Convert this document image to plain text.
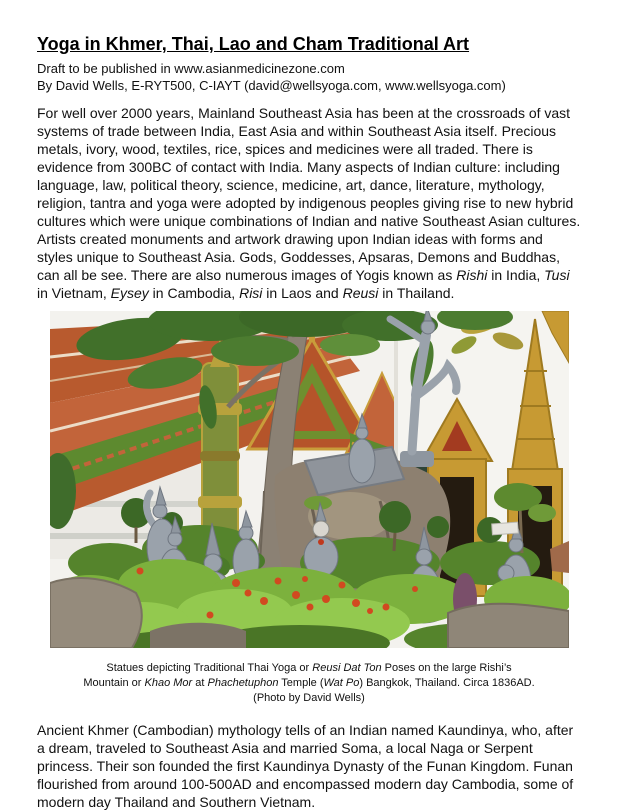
Yoga in Khmer, Thai, Lao and Cham Traditional Art
Draft to be published in www.asianmedicinezone.com
By David Wells, E-RYT500, C-IAYT (david@wellsyoga.com, www.wellsyoga.com)

For well over 2000 years, Mainland Southeast Asia has been at the crossroads of vast systems of trade between India, East Asia and within Southeast Asia itself. Precious metals, ivory, wood, textiles, rice, spices and medicines were all traded. There is evidence from 300BC of contact with India. Many aspects of Indian culture: including language, law, political theory, science, medicine, art, dance, literature, mythology, religion, tantra and yoga were adopted by indigenous peoples giving rise to new hybrid cultures which were unique combinations of Indian and native Southeast Asian cultures. Artists created monuments and artwork drawing upon Indian ideas with forms and styles unique to Southeast Asia. Gods, Goddesses, Apsaras, Demons and Buddhas, can all be see. There are also numerous images of Yogis known as Rishi in India, Tusi in Vietnam, Eysey in Cambodia, Risi in Laos and Reusi in Thailand.

Statues depicting Traditional Thai Yoga or Reusi Dat Ton Poses on the large Rishi’s Mountain or Khao Mor at Phachetuphon Temple (Wat Po) Bangkok, Thailand. Circa 1836AD. (Photo by David Wells)

Ancient Khmer (Cambodian) mythology tells of an Indian named Kaundinya, who, after a dream, traveled to Southeast Asia and married Soma, a local Naga or Serpent princess. Their son founded the first Kaundinya Dynasty of the Funan Kingdom. Funan flourished from around 100-500AD and encompassed modern day Cambodia, some of modern day Thailand and Southern Vietnam.
